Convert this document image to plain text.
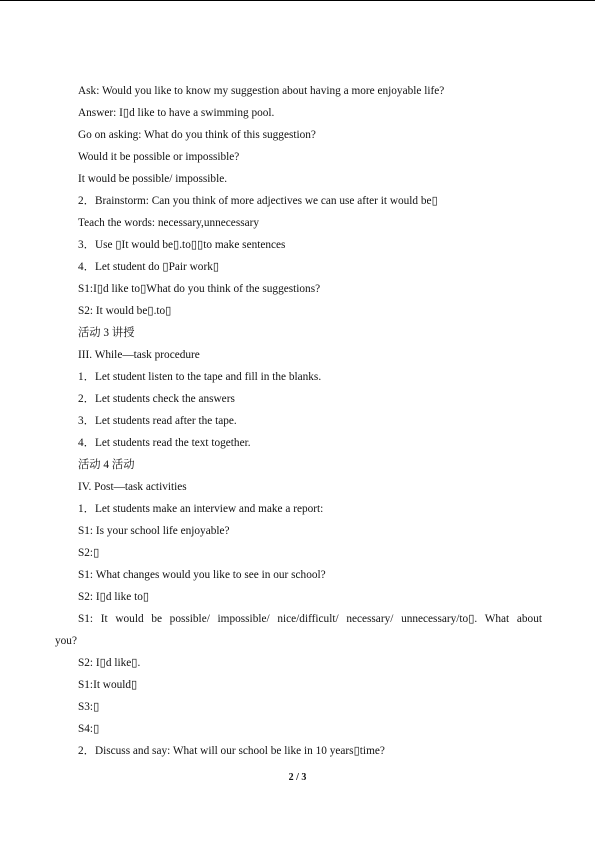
Ask: Would you like to know my suggestion about having a more enjoyable life?
Answer: I▯d like to have a swimming pool.
Go on asking: What do you think of this suggestion?
Would it be possible or impossible?
It would be possible/ impossible.
2．Brainstorm: Can you think of more adjectives we can use after it would be▯
Teach the words: necessary,unnecessary
3．Use ▯It would be▯.to▯▯to make sentences
4．Let student do ▯Pair work▯
S1:I▯d like to▯What do you think of the suggestions?
S2: It would be▯.to▯
活动 3 讲授
III. While—task procedure
1．Let student listen to the tape and fill in the blanks.
2．Let students check the answers
3．Let students read after the tape.
4．Let students read the text together.
活动 4 活动
IV. Post—task activities
1．Let students make an interview and make a report:
S1: Is your school life enjoyable?
S2:▯
S1: What changes would you like to see in our school?
S2: I▯d like to▯
S1: It would be possible/ impossible/ nice/difficult/ necessary/ unnecessary/to▯. What about
you?
S2: I▯d like▯.
S1:It would▯
S3:▯
S4:▯
2．Discuss and say: What will our school be like in 10 years▯time?
2 / 3
